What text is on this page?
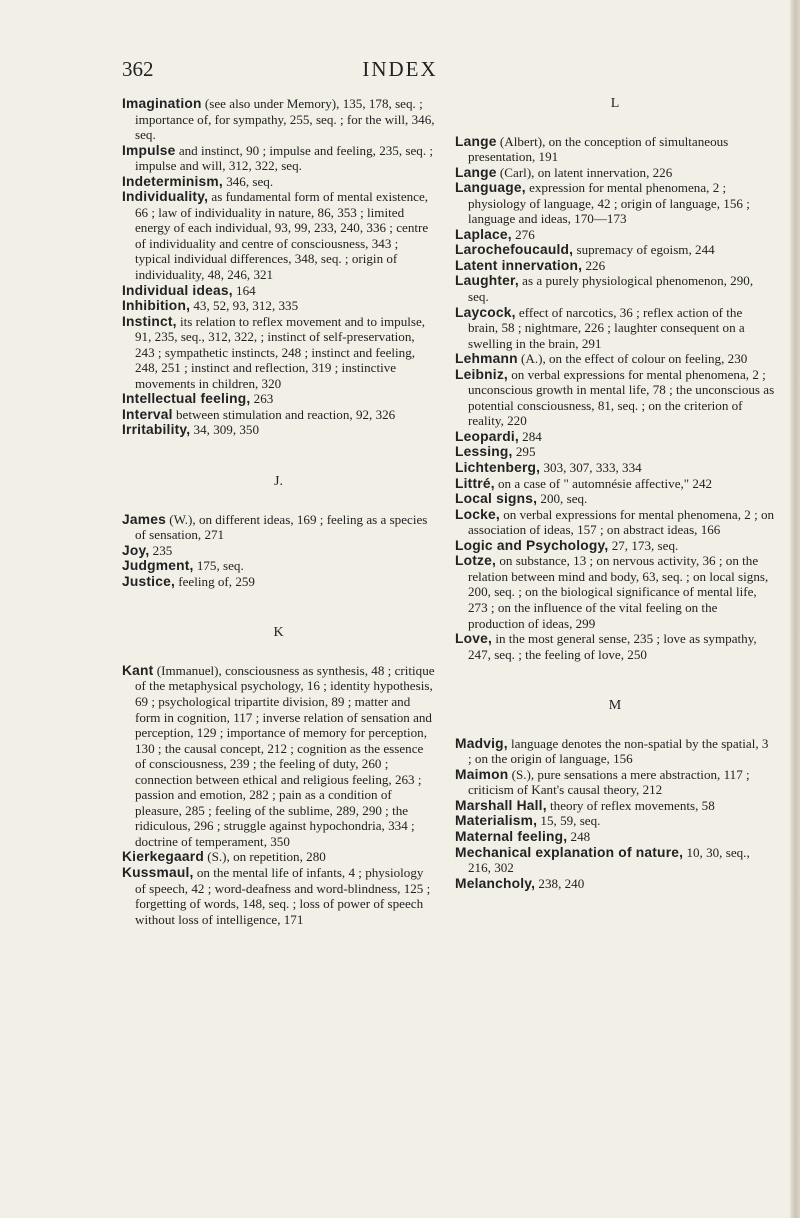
INDEX
362

Imagination (see also under Memory), 135, 178, seq. ; importance of, for sympathy, 255, seq. ; for the will, 346, seq.

Impulse and instinct, 90 ; impulse and feeling, 235, seq. ; impulse and will, 312, 322, seq.

Indeterminism, 346, seq.

Individuality, as fundamental form of mental existence, 66 ; law of individuality in nature, 86, 353 ; limited energy of each individual, 93, 99, 233, 240, 336 ; centre of individuality and centre of consciousness, 343 ; typical individual differences, 348, seq. ; origin of individuality, 48, 246, 321

Individual ideas, 164

Inhibition, 43, 52, 93, 312, 335

Instinct, its relation to reflex movement and to impulse, 91, 235, seq., 312, 322, ; instinct of self-preservation, 243 ; sympathetic instincts, 248 ; instinct and feeling, 248, 251 ; instinct and reflection, 319 ; instinctive movements in children, 320

Intellectual feeling, 263

Interval between stimulation and reaction, 92, 326

Irritability, 34, 309, 350

J.

James (W.), on different ideas, 169 ; feeling as a species of sensation, 271

Joy, 235

Judgment, 175, seq.

Justice, feeling of, 259

K

Kant (Immanuel), consciousness as synthesis, 48 ; critique of the metaphysical psychology, 16 ; identity hypothesis, 69 ; psychological tripartite division, 89 ; matter and form in cognition, 117 ; inverse relation of sensation and perception, 129 ; importance of memory for perception, 130 ; the causal concept, 212 ; cognition as the essence of consciousness, 239 ; the feeling of duty, 260 ; connection between ethical and religious feeling, 263 ; passion and emotion, 282 ; pain as a condition of pleasure, 285 ; feeling of the sublime, 289, 290 ; the ridiculous, 296 ; struggle against hypochondria, 334 ; doctrine of temperament, 350

Kierkegaard (S.), on repetition, 280

Kussmaul, on the mental life of infants, 4 ; physiology of speech, 42 ; word-deafness and word-blindness, 125 ; forgetting of words, 148, seq. ; loss of power of speech without loss of intelligence, 171

L

Lange (Albert), on the conception of simultaneous presentation, 191

Lange (Carl), on latent innervation, 226

Language, expression for mental phenomena, 2 ; physiology of language, 42 ; origin of language, 156 ; language and ideas, 170—173

Laplace, 276

Larochefoucauld, supremacy of egoism, 244

Latent innervation, 226

Laughter, as a purely physiological phenomenon, 290, seq.

Laycock, effect of narcotics, 36 ; reflex action of the brain, 58 ; nightmare, 226 ; laughter consequent on a swelling in the brain, 291

Lehmann (A.), on the effect of colour on feeling, 230

Leibniz, on verbal expressions for mental phenomena, 2 ; unconscious growth in mental life, 78 ; the unconscious as potential consciousness, 81, seq. ; on the criterion of reality, 220

Leopardi, 284

Lessing, 295

Lichtenberg, 303, 307, 333, 334

Littré, on a case of " automnésie affective," 242

Local signs, 200, seq.

Locke, on verbal expressions for mental phenomena, 2 ; on association of ideas, 157 ; on abstract ideas, 166

Logic and Psychology, 27, 173, seq.

Lotze, on substance, 13 ; on nervous activity, 36 ; on the relation between mind and body, 63, seq. ; on local signs, 200, seq. ; on the biological significance of mental life, 273 ; on the influence of the vital feeling on the production of ideas, 299

Love, in the most general sense, 235 ; love as sympathy, 247, seq. ; the feeling of love, 250

M

Madvig, language denotes the non-spatial by the spatial, 3 ; on the origin of language, 156

Maimon (S.), pure sensations a mere abstraction, 117 ; criticism of Kant's causal theory, 212

Marshall Hall, theory of reflex movements, 58

Materialism, 15, 59, seq.

Maternal feeling, 248

Mechanical explanation of nature, 10, 30, seq., 216, 302

Melancholy, 238, 240
